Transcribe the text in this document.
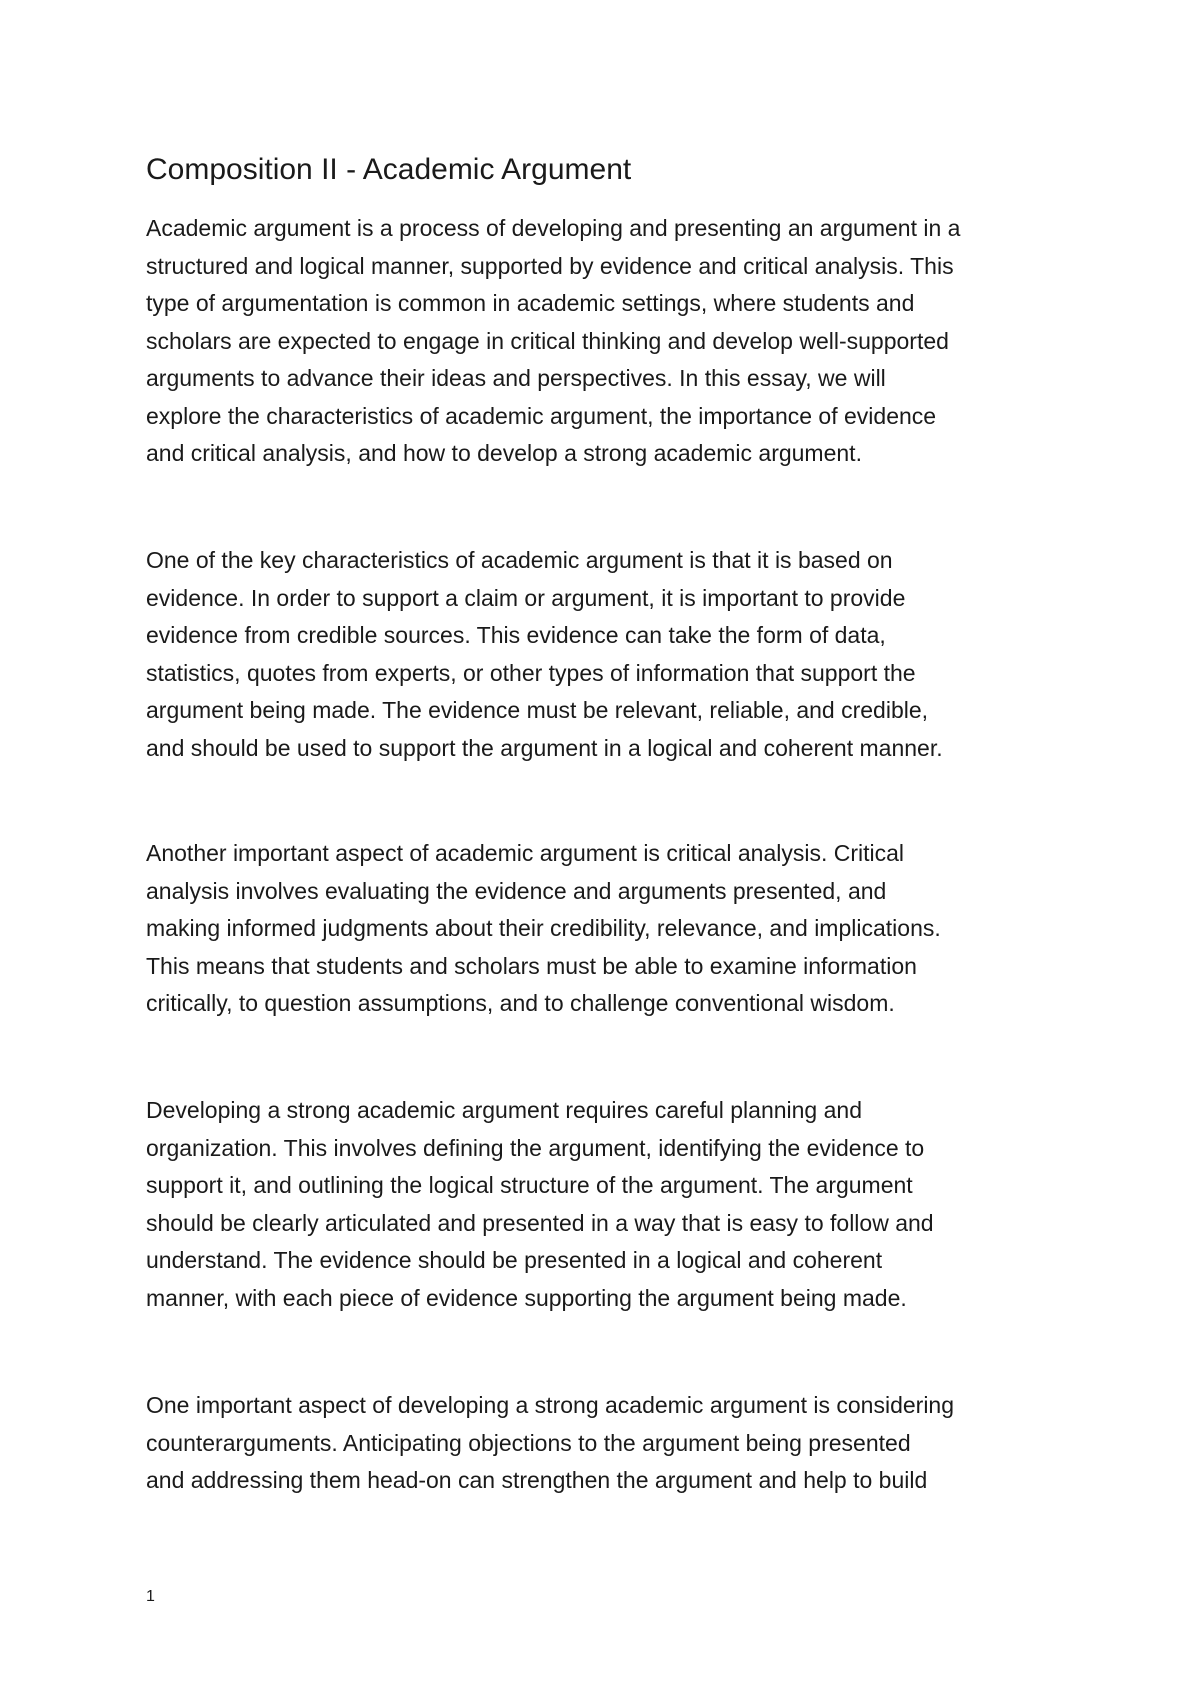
Composition II - Academic Argument

Academic argument is a process of developing and presenting an argument in a
structured and logical manner, supported by evidence and critical analysis. This
type of argumentation is common in academic settings, where students and
scholars are expected to engage in critical thinking and develop well-supported
arguments to advance their ideas and perspectives. In this essay, we will
explore the characteristics of academic argument, the importance of evidence
and critical analysis, and how to develop a strong academic argument.

One of the key characteristics of academic argument is that it is based on
evidence. In order to support a claim or argument, it is important to provide
evidence from credible sources. This evidence can take the form of data,
statistics, quotes from experts, or other types of information that support the
argument being made. The evidence must be relevant, reliable, and credible,
and should be used to support the argument in a logical and coherent manner.

Another important aspect of academic argument is critical analysis. Critical
analysis involves evaluating the evidence and arguments presented, and
making informed judgments about their credibility, relevance, and implications.
This means that students and scholars must be able to examine information
critically, to question assumptions, and to challenge conventional wisdom.

Developing a strong academic argument requires careful planning and
organization. This involves defining the argument, identifying the evidence to
support it, and outlining the logical structure of the argument. The argument
should be clearly articulated and presented in a way that is easy to follow and
understand. The evidence should be presented in a logical and coherent
manner, with each piece of evidence supporting the argument being made.

One important aspect of developing a strong academic argument is considering
counterarguments. Anticipating objections to the argument being presented
and addressing them head-on can strengthen the argument and help to build

1
